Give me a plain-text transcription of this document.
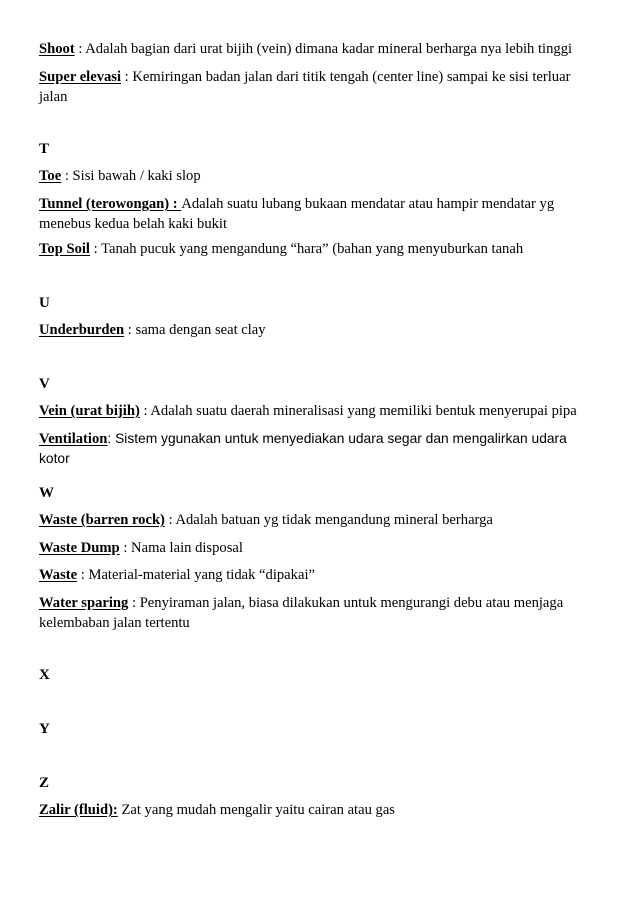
Shoot : Adalah bagian dari urat bijih (vein) dimana kadar mineral berharga nya lebih tinggi
Super elevasi : Kemiringan badan jalan dari titik tengah (center line) sampai ke sisi terluar jalan
T
Toe : Sisi bawah / kaki slop
Tunnel (terowongan) : Adalah suatu lubang bukaan mendatar atau hampir mendatar yg menebus kedua belah kaki bukit
Top Soil : Tanah pucuk yang mengandung “hara” (bahan yang menyuburkan tanah
U
Underburden : sama dengan seat clay
V
Vein (urat bijih) : Adalah suatu daerah mineralisasi yang memiliki bentuk menyerupai pipa
Ventilation: Sistem ygunakan untuk menyediakan udara segar dan mengalirkan udara kotor
W
Waste (barren rock) : Adalah batuan yg tidak mengandung mineral berharga
Waste Dump : Nama lain disposal
Waste : Material-material yang tidak “dipakai”
Water sparing : Penyiraman jalan, biasa dilakukan untuk mengurangi debu atau menjaga kelembaban jalan tertentu
X
Y
Z
Zalir (fluid): Zat yang mudah mengalir yaitu cairan atau gas
